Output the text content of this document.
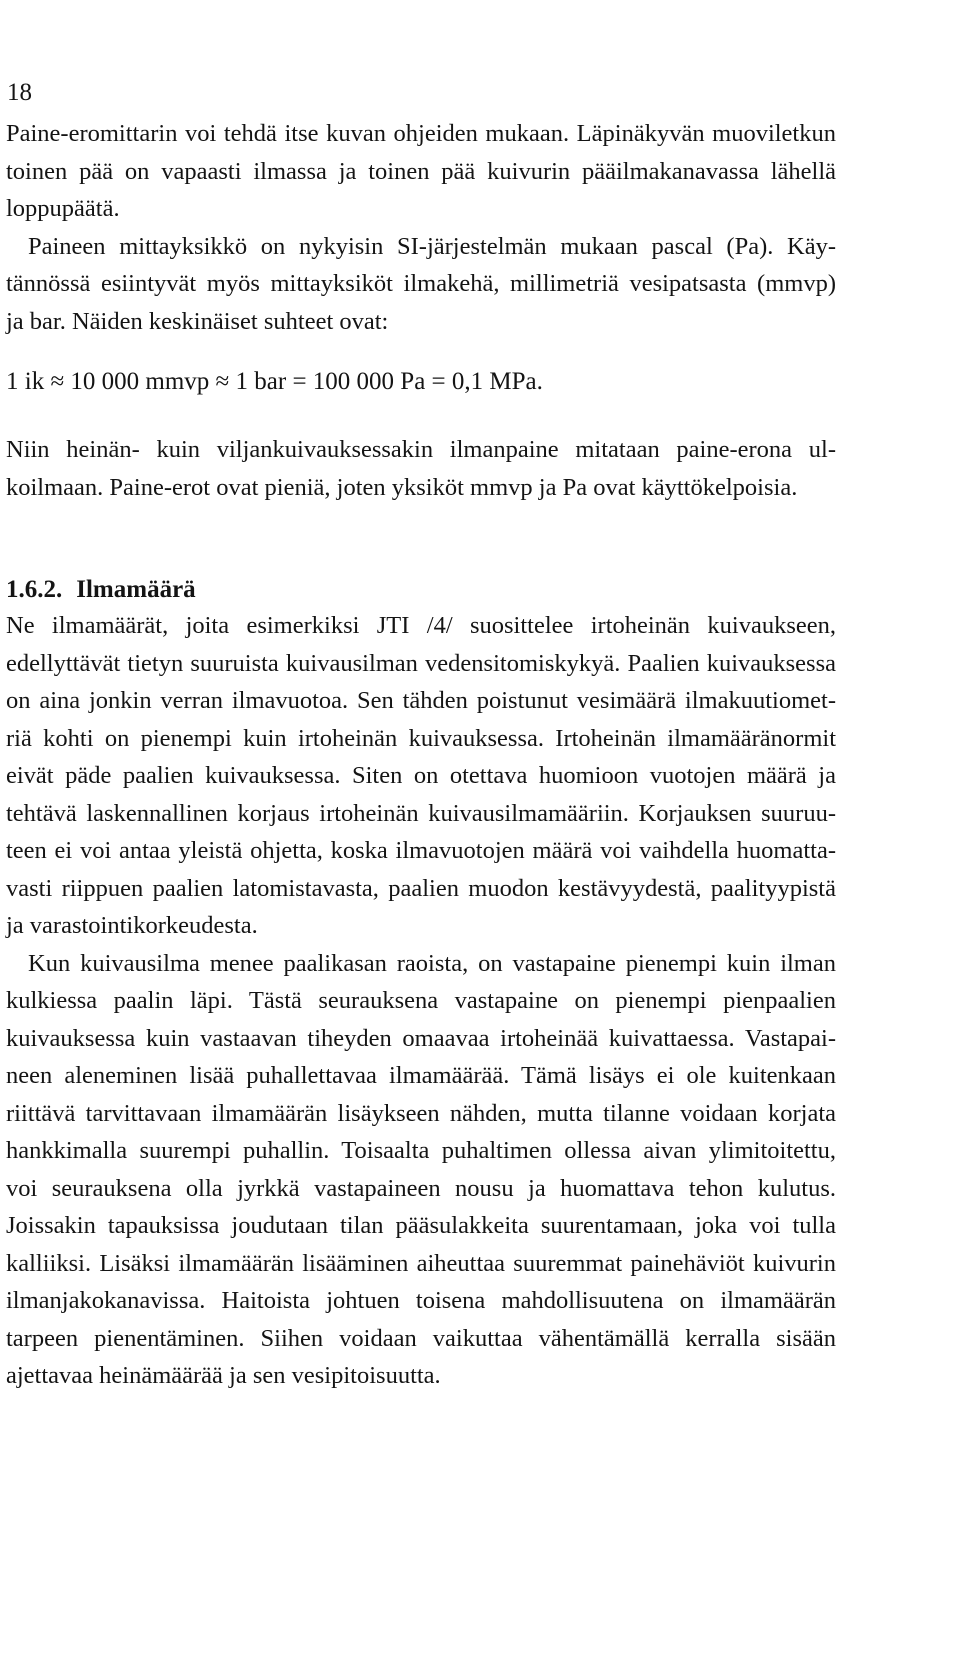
18
Paine-eromittarin voi tehdä itse kuvan ohjeiden mukaan. Läpinäkyvän muoviletkun
toinen pää on vapaasti ilmassa ja toinen pää kuivurin pääilmakanavassa lähellä
loppupäätä.
Paineen mittayksikkö on nykyisin SI-järjestelmän mukaan pascal (Pa). Käy-
tännössä esiintyvät myös mittayksiköt ilmakehä, millimetriä vesipatsasta (mmvp)
ja bar. Näiden keskinäiset suhteet ovat:
1 ik ≈ 10 000 mmvp ≈ 1 bar = 100 000 Pa = 0,1 MPa.
Niin heinän- kuin viljankuivauksessakin ilmanpaine mitataan paine-erona ul-
koilmaan. Paine-erot ovat pieniä, joten yksiköt mmvp ja Pa ovat käyttökelpoisia.
1.6.2. Ilmamäärä
Ne ilmamäärät, joita esimerkiksi JTI /4/ suosittelee irtoheinän kuivaukseen,
edellyttävät tietyn suuruista kuivausilman vedensitomiskykyä. Paalien kuivauksessa
on aina jonkin verran ilmavuotoa. Sen tähden poistunut vesimäärä ilmakuutiomet-
riä kohti on pienempi kuin irtoheinän kuivauksessa. Irtoheinän ilmamääränormit
eivät päde paalien kuivauksessa. Siten on otettava huomioon vuotojen määrä ja
tehtävä laskennallinen korjaus irtoheinän kuivausilmamääriin. Korjauksen suuruu-
teen ei voi antaa yleistä ohjetta, koska ilmavuotojen määrä voi vaihdella huomatta-
vasti riippuen paalien latomistavasta, paalien muodon kestävyydestä, paalityypistä
ja varastointikorkeudesta.
Kun kuivausilma menee paalikasan raoista, on vastapaine pienempi kuin ilman
kulkiessa paalin läpi. Tästä seurauksena vastapaine on pienempi pienpaalien
kuivauksessa kuin vastaavan tiheyden omaavaa irtoheinää kuivattaessa. Vastapai-
neen aleneminen lisää puhallettavaa ilmamäärää. Tämä lisäys ei ole kuitenkaan
riittävä tarvittavaan ilmamäärän lisäykseen nähden, mutta tilanne voidaan korjata
hankkimalla suurempi puhallin. Toisaalta puhaltimen ollessa aivan ylimitoitettu,
voi seurauksena olla jyrkkä vastapaineen nousu ja huomattava tehon kulutus.
Joissakin tapauksissa joudutaan tilan pääsulakkeita suurentamaan, joka voi tulla
kalliiksi. Lisäksi ilmamäärän lisääminen aiheuttaa suuremmat painehäviöt kuivurin
ilmanjakokanavissa. Haitoista johtuen toisena mahdollisuutena on ilmamäärän
tarpeen pienentäminen. Siihen voidaan vaikuttaa vähentämällä kerralla sisään
ajettavaa heinämäärää ja sen vesipitoisuutta.
